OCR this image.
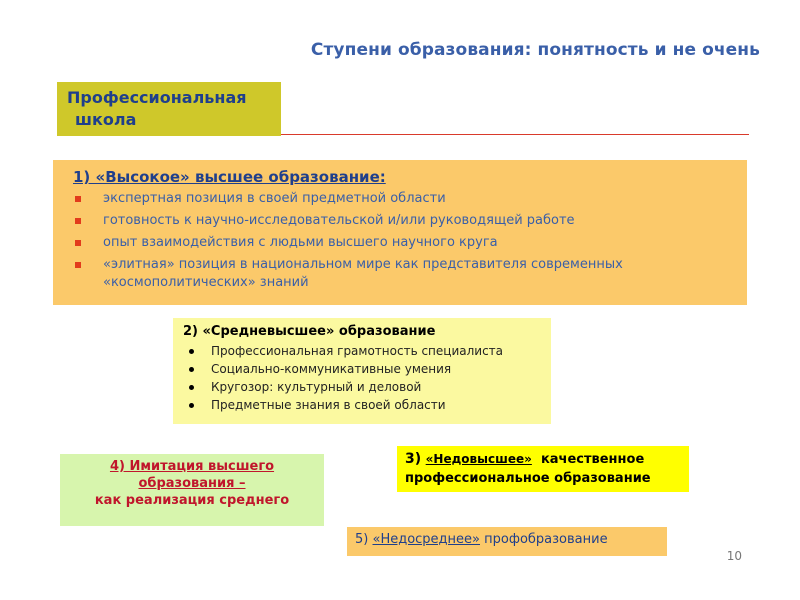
Ступени образования: понятность и не очень
Профессиональная
школа
1) «Высокое» высшее образование:
экспертная позиция в своей предметной области
готовность к научно-исследовательской и/или руководящей работе
опыт взаимодействия с людьми высшего научного круга
«элитная» позиция в национальном мире как представителя современных «космополитических» знаний
2) «Средневысшее» образование
Профессиональная грамотность специалиста
Социально-коммуникативные умения
Кругозор: культурный и деловой
Предметные знания в своей области
4) Имитация высшего
образования –
как реализация среднего
3) «Недовысшее» качественное
профессиональное образование
5) «Недосреднее» профобразование
10
